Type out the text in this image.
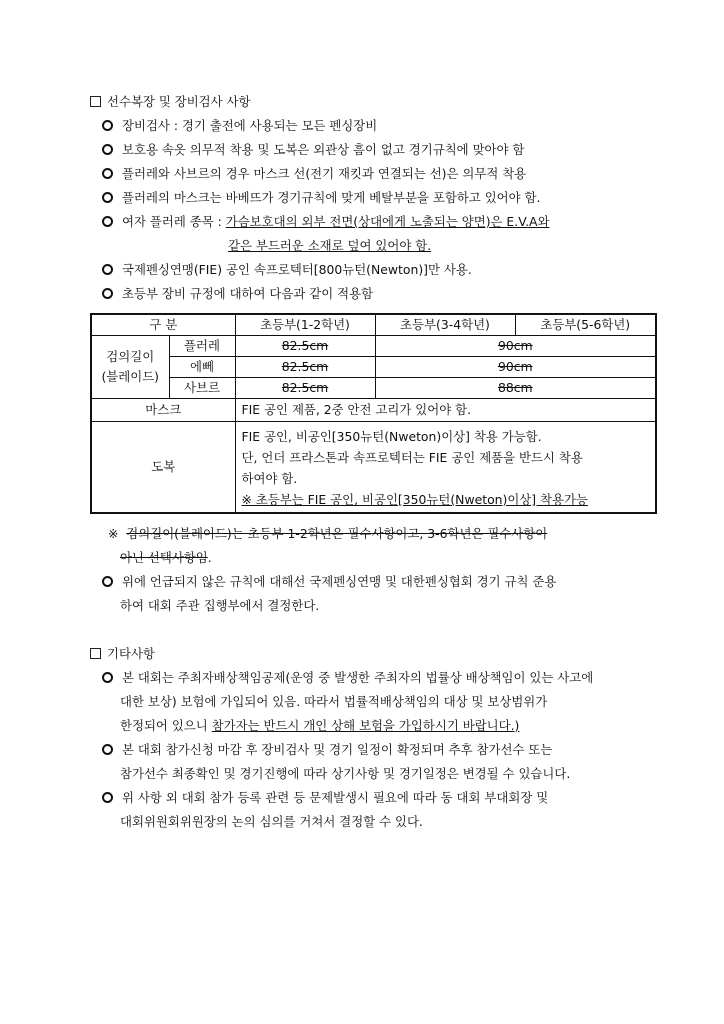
선수복장 및 장비검사 사항
장비검사 : 경기 출전에 사용되는 모든 펜싱장비
보호용 속옷 의무적 착용 및 도복은 외관상 흠이 없고 경기규칙에 맞아야 함
플러레와 사브르의 경우 마스크 선(전기 재킷과 연결되는 선)은 의무적 착용
플러레의 마스크는 바베뜨가 경기규칙에 맞게 베탈부분을 포함하고 있어야 함.
여자 플러레 종목 : 가슴보호대의 외부 전면(상대에게 노출되는 양면)은 E.V.A와
같은 부드러운 소재로 덮여 있어야 함.
국제펜싱연맹(FIE) 공인 속프로텍터[800뉴턴(Newton)]만 사용.
초등부 장비 규정에 대하여 다음과 같이 적용함
구 분		초등부(1-2학년)	초등부(3-4학년)	초등부(5-6학년)

검의길이
(블레이드)	플러레	82.5cm	90cm	
	에뻬	82.5cm	90cm	
	사브르	82.5cm	88cm	
마스크		FIE 공인 제품, 2중 안전 고리가 있어야 함.		
도복		FIE 공인, 비공인[350뉴턴(Nweton)이상] 착용 가능함.
단, 언더 프라스톤과 속프로텍터는 FIE 공인 제품을 반드시 착용
하여야 함.
※ 초등부는 FIE 공인, 비공인[350뉴턴(Nweton)이상] 착용가능		
※ 검의길이(블레이드)는 초등부 1-2학년은 필수사항이고, 3-6학년은 필수사항이
아닌 선택사항임.
위에 언급되지 않은 규칙에 대해선 국제펜싱연맹 및 대한펜싱협회 경기 규칙 준용
하여 대회 주관 집행부에서 결정한다.
기타사항
본 대회는 주최자배상책임공제(운영 중 발생한 주최자의 법률상 배상책임이 있는 사고에
대한 보상) 보험에 가입되어 있음. 따라서 법률적배상책임의 대상 및 보상범위가
한정되어 있으니 참가자는 반드시 개인 상해 보험을 가입하시기 바랍니다.)
본 대회 참가신청 마감 후 장비검사 및 경기 일정이 확정되며 추후 참가선수 또는
참가선수 최종확인 및 경기진행에 따라 상기사항 및 경기일정은 변경될 수 있습니다.
위 사항 외 대회 참가 등록 관련 등 문제발생시 필요에 따라 동 대회 부대회장 및
대회위원회위원장의 논의 심의를 거쳐서 결정할 수 있다.
